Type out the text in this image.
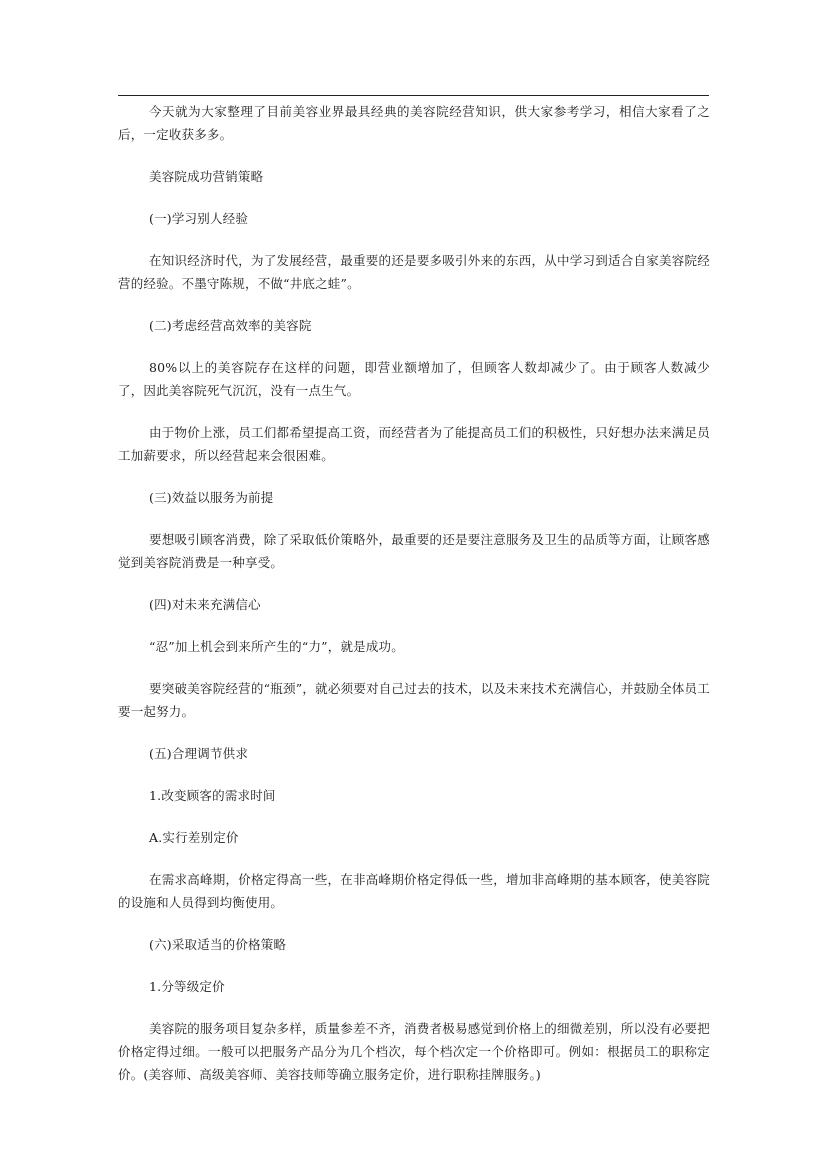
今天就为大家整理了目前美容业界最具经典的美容院经营知识，供大家参考学习，相信大家看了之后，一定收获多多。

美容院成功营销策略

(一)学习别人经验

在知识经济时代，为了发展经营，最重要的还是要多吸引外来的东西，从中学习到适合自家美容院经营的经验。不墨守陈规，不做“井底之蛙”。

(二)考虑经营高效率的美容院

80%以上的美容院存在这样的问题，即营业额增加了，但顾客人数却减少了。由于顾客人数减少了，因此美容院死气沉沉，没有一点生气。

由于物价上涨，员工们都希望提高工资，而经营者为了能提高员工们的积极性，只好想办法来满足员工加薪要求，所以经营起来会很困难。

(三)效益以服务为前提

要想吸引顾客消费，除了采取低价策略外，最重要的还是要注意服务及卫生的品质等方面，让顾客感觉到美容院消费是一种享受。

(四)对未来充满信心

“忍”加上机会到来所产生的“力”，就是成功。

要突破美容院经营的“瓶颈”，就必须要对自己过去的技术，以及未来技术充满信心，并鼓励全体员工要一起努力。

(五)合理调节供求

1.改变顾客的需求时间

A.实行差别定价

在需求高峰期，价格定得高一些，在非高峰期价格定得低一些，增加非高峰期的基本顾客，使美容院的设施和人员得到均衡使用。

(六)采取适当的价格策略

1.分等级定价

美容院的服务项目复杂多样，质量参差不齐，消费者极易感觉到价格上的细微差别，所以没有必要把价格定得过细。一般可以把服务产品分为几个档次，每个档次定一个价格即可。例如：根据员工的职称定价。(美容师、高级美容师、美容技师等确立服务定价，进行职称挂牌服务。)
